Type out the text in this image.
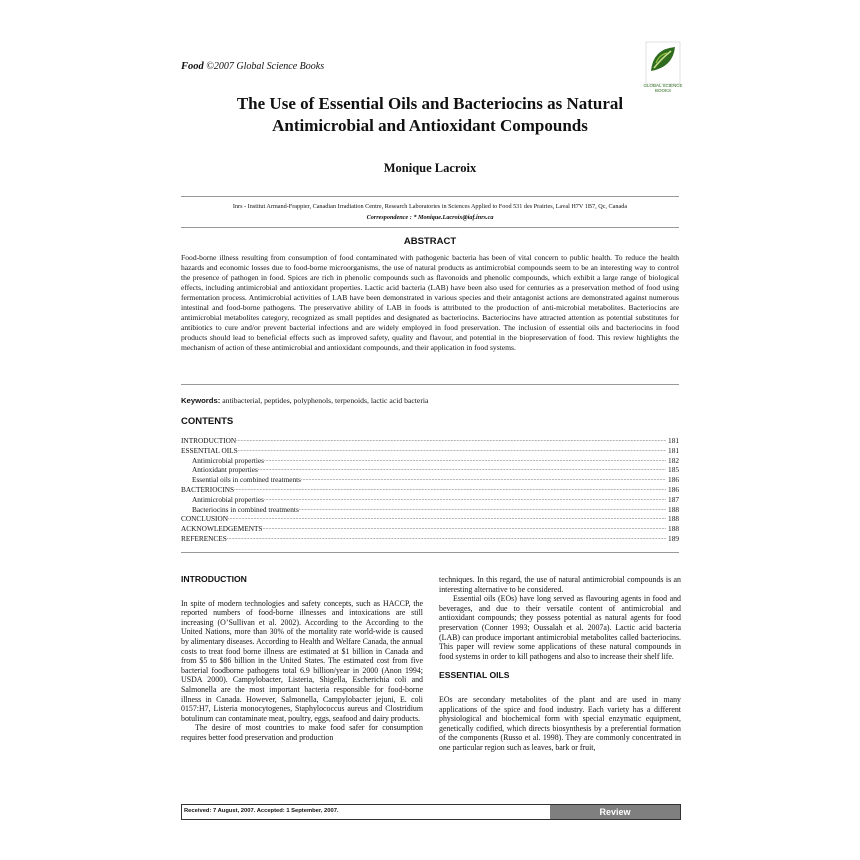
Food ©2007 Global Science Books
GLOBAL SCIENCE BOOKS
The Use of Essential Oils and Bacteriocins as Natural
Antimicrobial and Antioxidant Compounds
Monique Lacroix
Inrs - Institut Armand-Frappier, Canadian Irradiation Centre, Research Laboratories in Sciences Applied to Food 531 des Prairies, Laval H7V 1B7, Qc, Canada
Correspondence : * Monique.Lacroix@iaf.inrs.ca
ABSTRACT
Food-borne illness resulting from consumption of food contaminated with pathogenic bacteria has been of vital concern to public health. To reduce the health hazards and economic losses due to food-borne microorganisms, the use of natural products as antimicrobial compounds seem to be an interesting way to control the presence of pathogen in food. Spices are rich in phenolic compounds such as flavonoids and phenolic compounds, which exhibit a large range of biological effects, including antimicrobial and antioxidant properties. Lactic acid bacteria (LAB) have been also used for centuries as a preservation method of food using fermentation process. Antimicrobial activities of LAB have been demonstrated in various species and their antagonist actions are demonstrated against numerous intestinal and food-borne pathogens. The preservative ability of LAB in foods is attributed to the production of anti-microbial metabolites. Bacteriocins are antimicrobial metabolites category, recognized as small peptides and designated as bacteriocins. Bacteriocins have attracted attention as potential substitutes for antibiotics to cure and/or prevent bacterial infections and are widely employed in food preservation. The inclusion of essential oils and bacteriocins in food products should lead to beneficial effects such as improved safety, quality and flavour, and potential in the biopreservation of food. This review highlights the mechanism of action of these antimicrobial and antioxidant compounds, and their application in food systems.
Keywords: antibacterial, peptides, polyphenols, terpenoids, lactic acid bacteria
CONTENTS
INTRODUCTION .....	181
ESSENTIAL OILS .....	181
Antimicrobial properties .....	182
Antioxidant properties .....	185
Essential oils in combined treatments .....	186
BACTERIOCINS .....	186
Antimicrobial properties .....	187
Bacteriocins in combined treatments .....	188
CONCLUSION .....	188
ACKNOWLEDGEMENTS .....	188
REFERENCES .....	189
INTRODUCTION

In spite of modern technologies and safety concepts, such as HACCP, the reported numbers of food-borne illnesses and intoxications are still increasing (O’Sullivan et al. 2002). According to the According to the United Nations, more than 30% of the mortality rate world-wide is caused by alimentary diseases. According to Health and Welfare Canada, the annual costs to treat food borne illness are estimated at $1 billion in Canada and from $5 to $86 billion in the United States. The estimated cost from five bacterial foodborne pathogens total 6.9 billion/year in 2000 (Anon 1994; USDA 2000). Campylobacter, Listeria, Shigella, Escherichia coli and Salmonella are the most important bacteria responsible for food-borne illness in Canada. However, Salmonella, Campylobacter jejuni, E. coli 0157:H7, Listeria monocytogenes, Staphylococcus aureus and Clostridium botulinum can contaminate meat, poultry, eggs, seafood and dairy products.

The desire of most countries to make food safer for consumption requires better food preservation and production

techniques. In this regard, the use of natural antimicrobial compounds is an interesting alternative to be considered.

Essential oils (EOs) have long served as flavouring agents in food and beverages, and due to their versatile content of antimicrobial and antioxidant compounds; they possess potential as natural agents for food preservation (Conner 1993; Oussalah et al. 2007a). Lactic acid bacteria (LAB) can produce important antimicrobial metabolites called bacteriocins. This paper will review some applications of these natural compounds in food systems in order to kill pathogens and also to increase their shelf life.

ESSENTIAL OILS

EOs are secondary metabolites of the plant and are used in many applications of the spice and food industry. Each variety has a different physiological and biochemical form with special enzymatic equipment, genetically codified, which directs biosynthesis by a preferential formation of the components (Russo et al. 1998). They are commonly concentrated in one particular region such as leaves, bark or fruit,

Received: 7 August, 2007. Accepted: 1 September, 2007.	Review
